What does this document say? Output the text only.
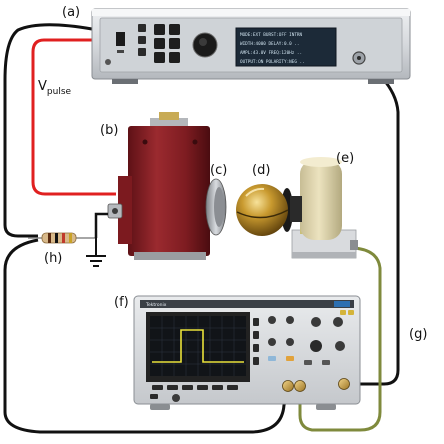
MODE:EXT BURST:OFF INTRN
WIDTH:4000 DELAY:0.0 ..
AMPL:43.0V FREQ:120Hz ..
OUTPUT:ON POLARITY:NEG ..
Tektronix
(a)
(b)
(c) (d)
(e)
(f)
(g)
(h)
$V_{pulse}$
